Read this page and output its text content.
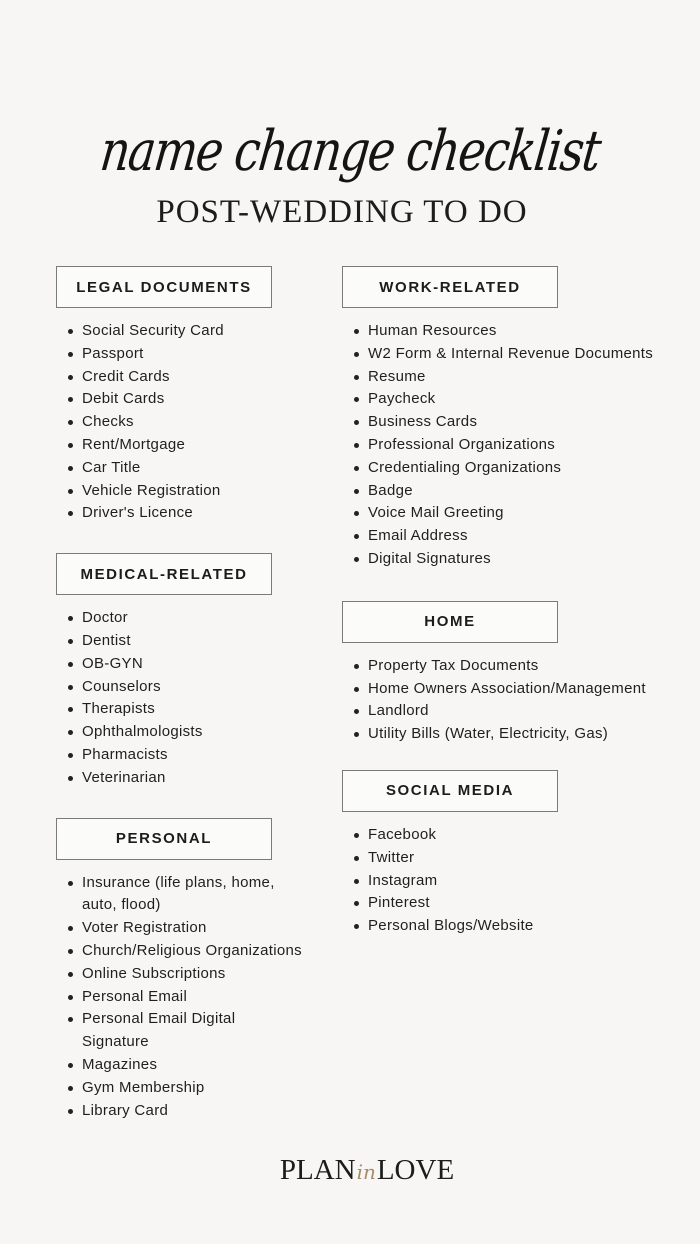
name change checklist
POST-WEDDING TO DO
LEGAL DOCUMENTS
Social Security Card
Passport
Credit Cards
Debit Cards
Checks
Rent/Mortgage
Car Title
Vehicle Registration
Driver's Licence
MEDICAL-RELATED
Doctor
Dentist
OB-GYN
Counselors
Therapists
Ophthalmologists
Pharmacists
Veterinarian
PERSONAL
Insurance (life plans, home, auto, flood)
Voter Registration
Church/Religious Organizations
Online Subscriptions
Personal Email
Personal Email Digital Signature
Magazines
Gym Membership
Library Card
WORK-RELATED
Human Resources
W2 Form & Internal Revenue Documents
Resume
Paycheck
Business Cards
Professional Organizations
Credentialing Organizations
Badge
Voice Mail Greeting
Email Address
Digital Signatures
HOME
Property Tax Documents
Home Owners Association/Management
Landlord
Utility Bills (Water, Electricity, Gas)
SOCIAL MEDIA
Facebook
Twitter
Instagram
Pinterest
Personal Blogs/Website
PLANinLOVE
